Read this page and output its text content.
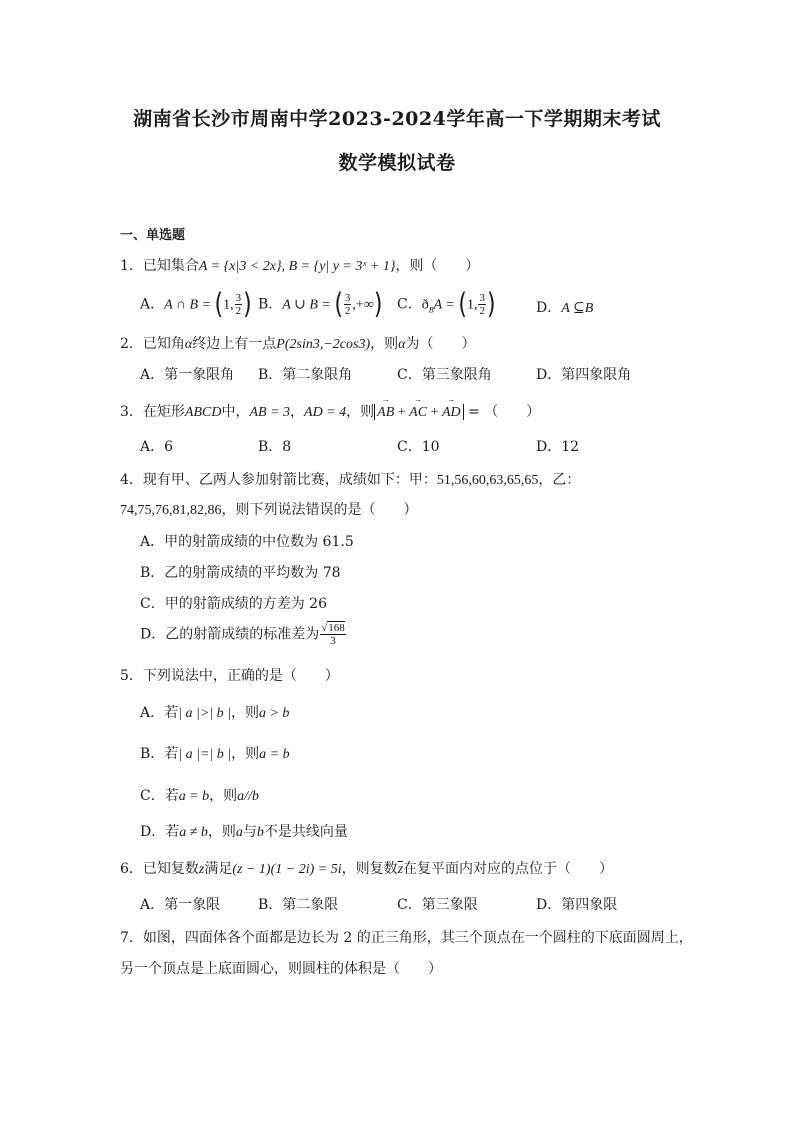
湖南省长沙市周南中学2023-2024学年高一下学期期末考试
数学模拟试卷
一、单选题
1．已知集合A = {x|3 < 2x}, B = {y| y = 3ˣ + 1}，则（　　）
A．A ∩ B = (1, $\frac{3}{2}$ ) B．A ∪ B = ( $\frac{3}{2}$ ,+∞) C．$ð_BA = (1$, $\frac{3}{2}$ )	D．A ⊆B
2．已知角α终边上有一点P(2sin3,−2cos3)，则α为（　　）
A．第一象限角 B．第二象限角	C．第三象限角	D．第四象限角
3．在矩形ABCD中，AB = 3，AD = 4，则 → AB + → AC + → AD = （　　）
A．6	B．8	C．10	D．12
4．现有甲、乙两人参加射箭比赛，成绩如下：甲：51,56,60,63,65,65，乙：
74,75,76,81,82,86，则下列说法错误的是（　　）
A．甲的射箭成绩的中位数为 61.5
B．乙的射箭成绩的平均数为 78
C．甲的射箭成绩的方差为 26
D．乙的射箭成绩的标准差为 $\frac{√168}{3}$
5．下列说法中，正确的是（　　）
A．若| a |>| b |，则a > b
B．若| a |=| b |，则a = b
C．若a = b，则a//b
D．若a ≠ b，则a与b不是共线向量
6．已知复数z满足(z − 1)(1 − 2i) = 5i，则复数$\overline{z}$在复平面内对应的点位于（　　）
A．第一象限	B．第二象限	C．第三象限	D．第四象限
7．如图，四面体各个面都是边长为 2 的正三角形，其三个顶点在一个圆柱的下底面圆周上，
另一个顶点是上底面圆心，则圆柱的体积是（　　）
